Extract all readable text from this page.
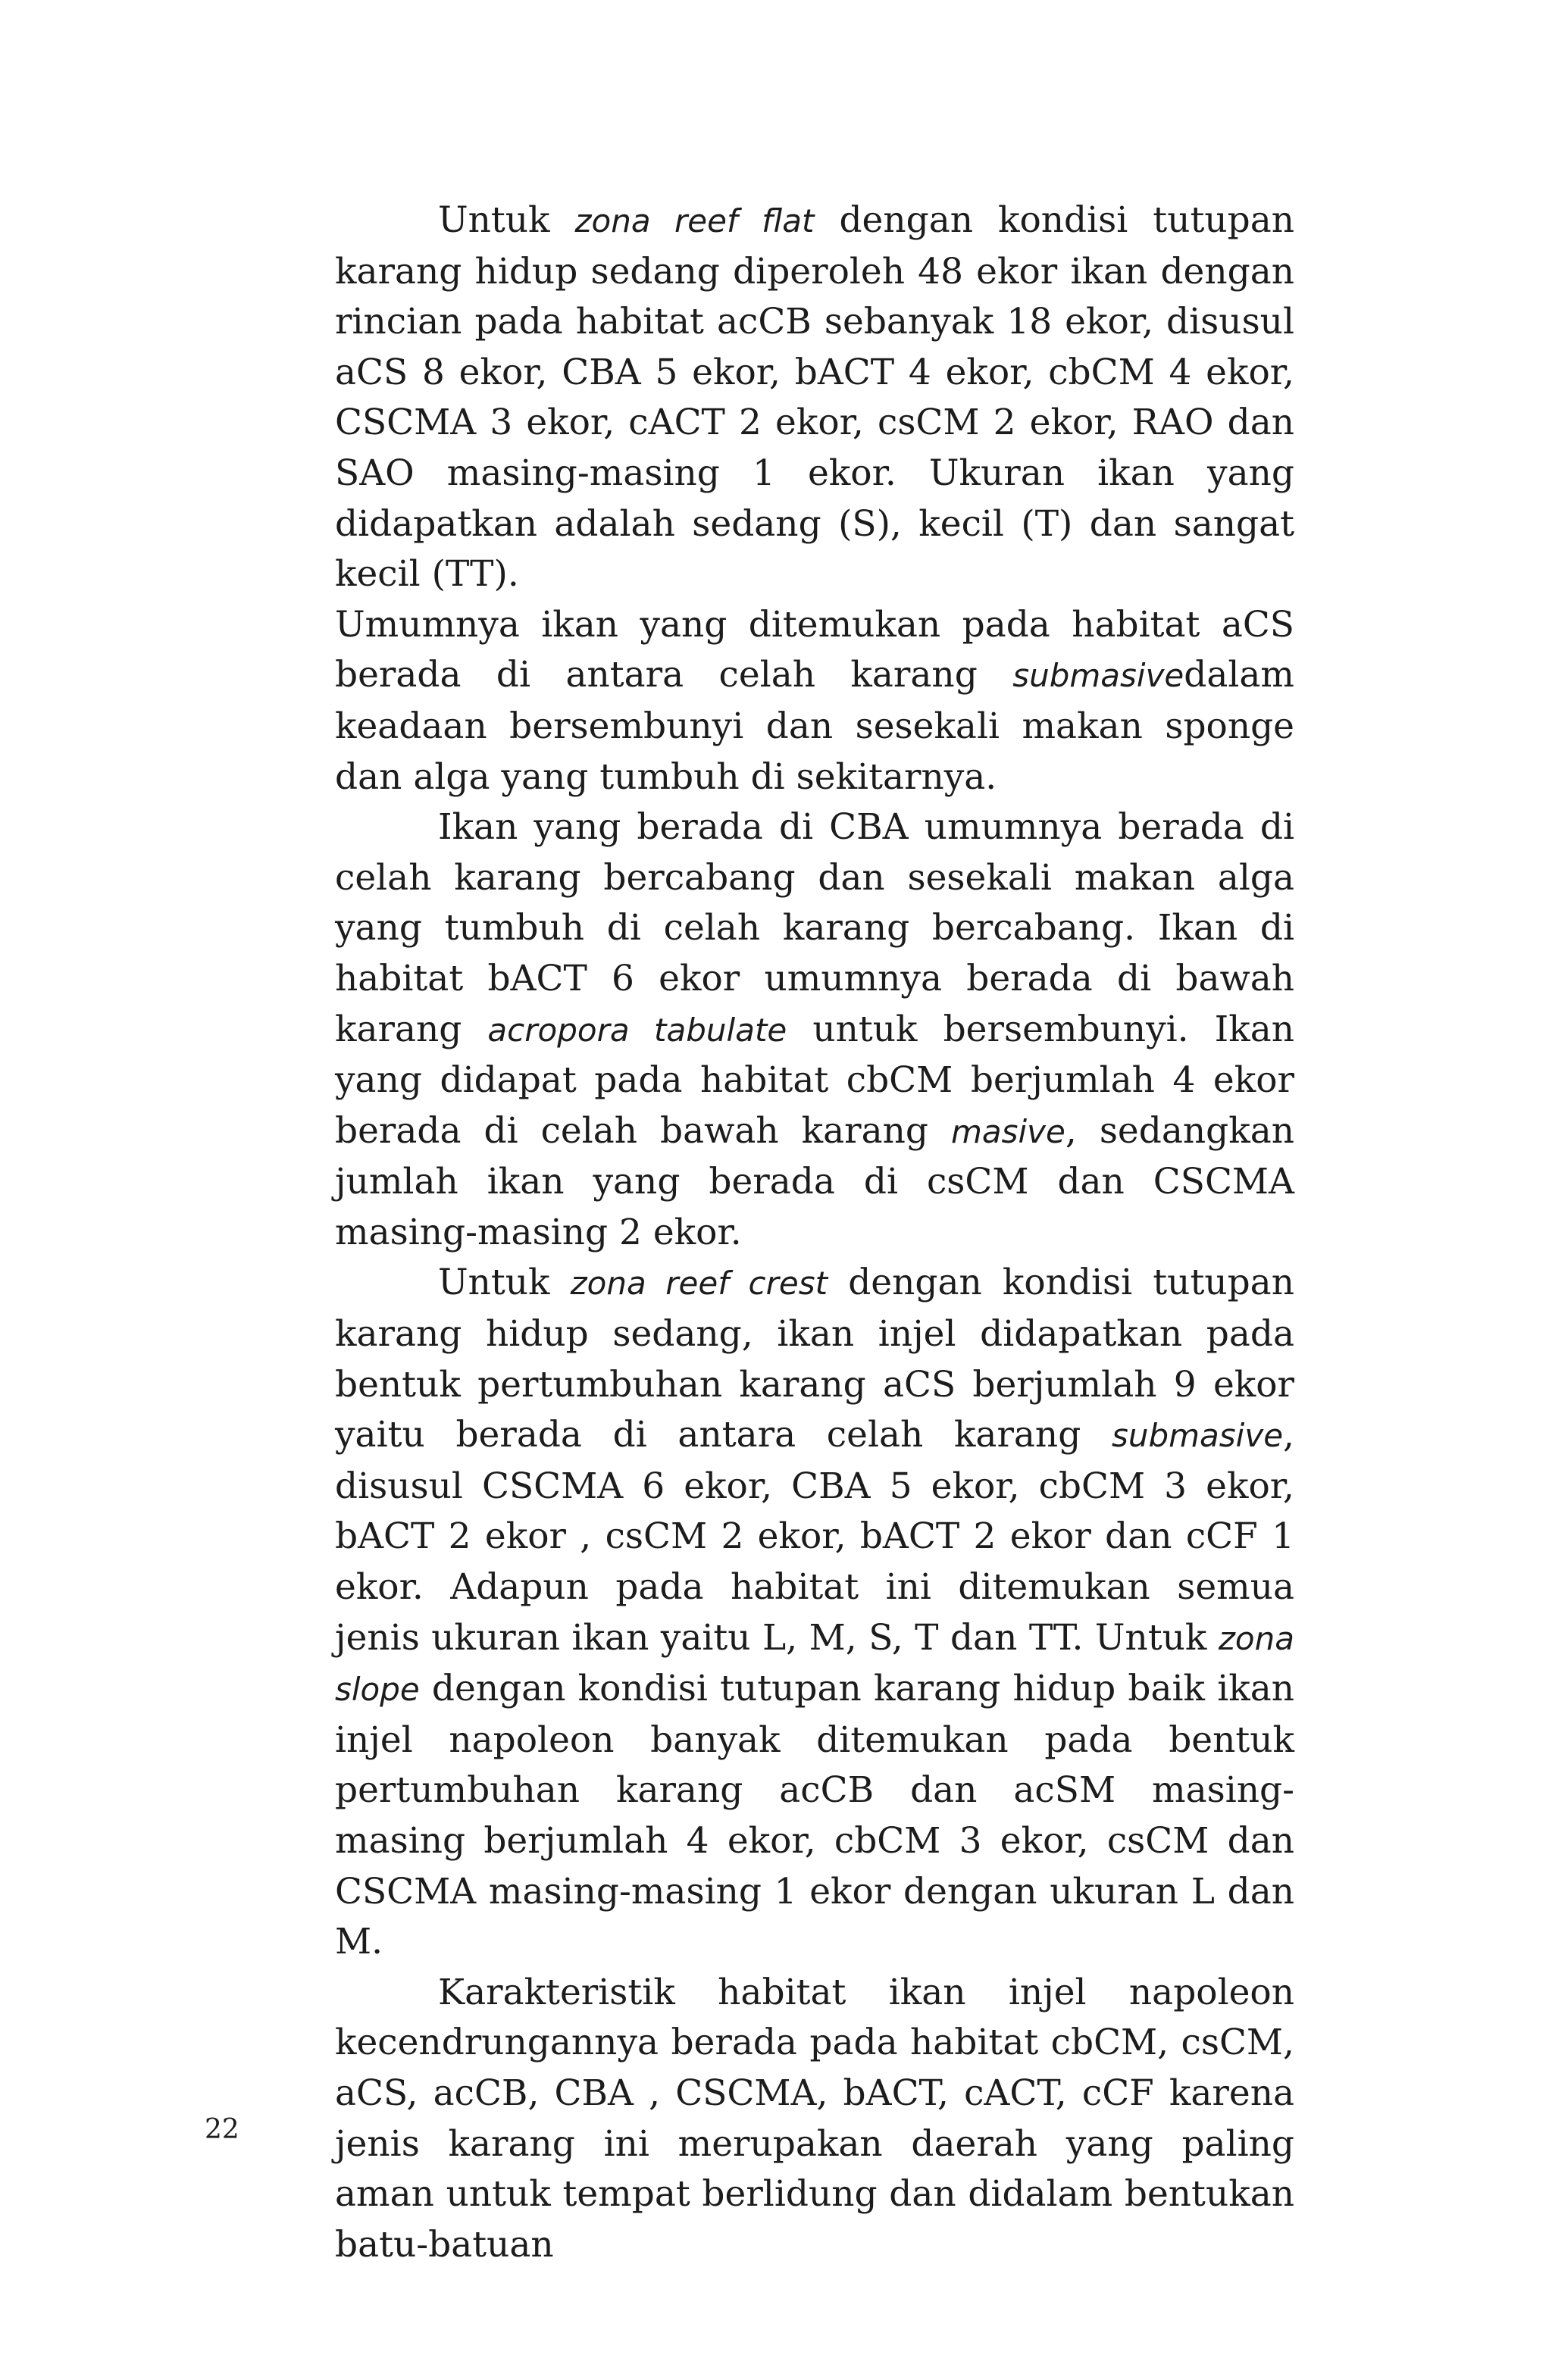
Untuk zona reef flat dengan kondisi tutupan karang hidup sedang diperoleh 48 ekor ikan dengan rincian pada habitat acCB sebanyak 18 ekor, disusul aCS 8 ekor, CBA 5 ekor, bACT 4 ekor, cbCM 4 ekor, CSCMA 3 ekor, cACT 2 ekor, csCM 2 ekor, RAO dan SAO masing-masing 1 ekor. Ukuran ikan yang didapatkan adalah sedang (S), kecil (T) dan sangat kecil (TT).

Umumnya ikan yang ditemukan pada habitat aCS berada di antara celah karang submasivedalam keadaan bersembunyi dan sesekali makan sponge dan alga yang tumbuh di sekitarnya.

Ikan yang berada di CBA umumnya berada di celah karang bercabang dan sesekali makan alga yang tumbuh di celah karang bercabang. Ikan di habitat bACT 6 ekor umumnya berada di bawah karang acropora tabulate untuk bersembunyi. Ikan yang didapat pada habitat cbCM berjumlah 4 ekor berada di celah bawah karang masive, sedangkan jumlah ikan yang berada di csCM dan CSCMA masing-masing 2 ekor.

Untuk zona reef crest dengan kondisi tutupan karang hidup sedang, ikan injel didapatkan pada bentuk pertumbuhan karang aCS berjumlah 9 ekor yaitu berada di antara celah karang submasive, disusul CSCMA 6 ekor, CBA 5 ekor, cbCM 3 ekor, bACT 2 ekor , csCM 2 ekor, bACT 2 ekor dan cCF 1 ekor. Adapun pada habitat ini ditemukan semua jenis ukuran ikan yaitu L, M, S, T dan TT. Untuk zona slope dengan kondisi tutupan karang hidup baik ikan injel napoleon banyak ditemukan pada bentuk pertumbuhan karang acCB dan acSM masing-masing berjumlah 4 ekor, cbCM 3 ekor, csCM dan CSCMA masing-masing 1 ekor dengan ukuran L dan M.

Karakteristik habitat ikan injel napoleon kecendrungannya berada pada habitat cbCM, csCM, aCS, acCB, CBA , CSCMA, bACT, cACT, cCF karena jenis karang ini merupakan daerah yang paling aman untuk tempat berlidung dan didalam bentukan batu-batuan

22
